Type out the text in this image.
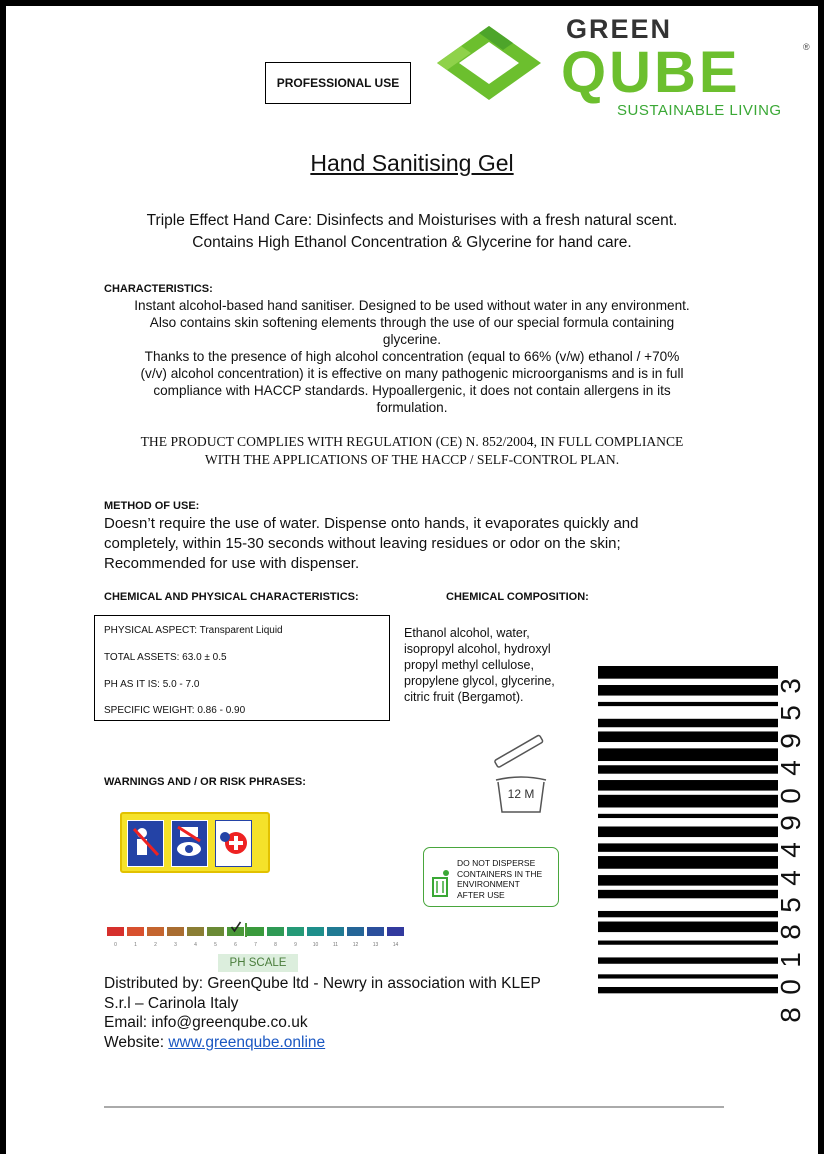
PROFESSIONAL USE
GREEN
QUBE	®
SUSTAINABLE LIVING
Hand Sanitising Gel
Triple Effect Hand Care: Disinfects and Moisturises with a fresh natural scent.
Contains High Ethanol Concentration & Glycerine for hand care.
CHARACTERISTICS:
Instant alcohol-based hand sanitiser. Designed to be used without water in any environment.
Also contains skin softening elements through the use of our special formula containing
glycerine.
Thanks to the presence of high alcohol concentration (equal to 66% (v/w) ethanol / +70%
(v/v) alcohol concentration) it is effective on many pathogenic microorganisms and is in full
compliance with HACCP standards. Hypoallergenic, it does not contain allergens in its
formulation.
THE PRODUCT COMPLIES WITH REGULATION (CE) N. 852/2004, IN FULL COMPLIANCE
WITH THE APPLICATIONS OF THE HACCP / SELF-CONTROL PLAN.
METHOD OF USE:
Doesn’t require the use of water. Dispense onto hands, it evaporates quickly and
completely, within 15-30 seconds without leaving residues or odor on the skin;
Recommended for use with dispenser.
CHEMICAL AND PHYSICAL CHARACTERISTICS:	CHEMICAL COMPOSITION:
PHYSICAL ASPECT: Transparent Liquid
TOTAL ASSETS: 63.0 ± 0.5
PH AS IT IS: 5.0 - 7.0
SPECIFIC WEIGHT: 0.86 - 0.90
Ethanol alcohol, water,
isopropyl alcohol, hydroxyl
propyl methyl cellulose,
propylene glycol, glycerine,
citric fruit (Bergamot).
12 M
WARNINGS AND / OR RISK PHRASES:
0	1	2	3	4	5	6	7	8	9	10	11	12	13	14
PH SCALE
DO NOT DISPERSE
CONTAINERS IN THE
ENVIRONMENT
AFTER USE
3
5
9
4
0
9
4
4
5
8
1
0
8
Distributed by: GreenQube ltd - Newry in association with KLEP
S.r.l – Carinola Italy
Email: info@greenqube.co.uk
Website: www.greenqube.online
